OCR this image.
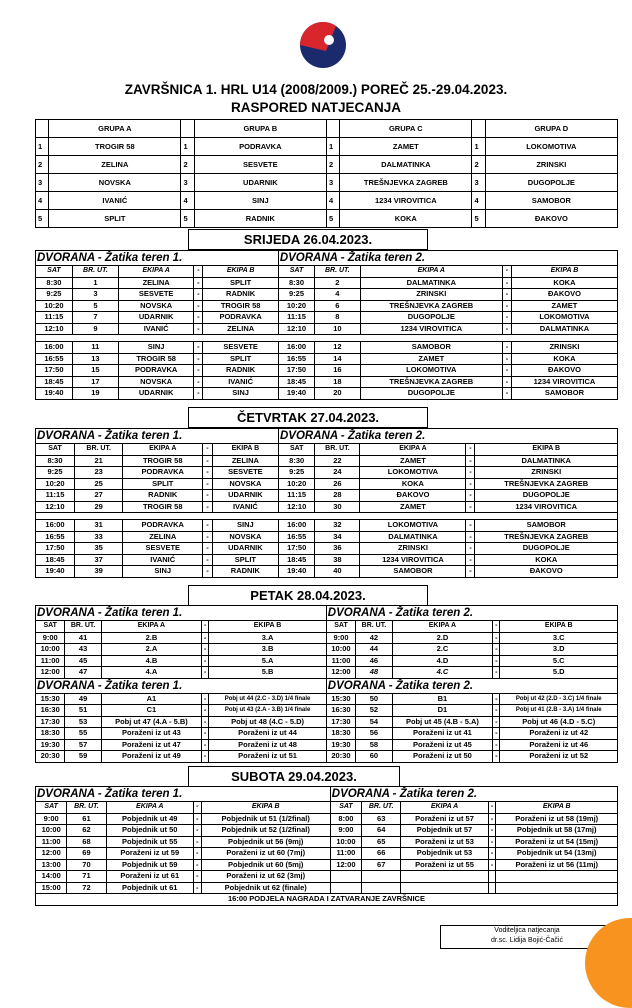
ZAVRŠNICA 1. HRL U14 (2008/2009.) POREČ 25.-29.04.2023.
RASPORED NATJECANJA
	GRUPA A		GRUPA B		GRUPA C		GRUPA D
1	TROGIR 58	1	PODRAVKA	1	ZAMET	1	LOKOMOTIVA
2	ZELINA	2	SESVETE	2	DALMATINKA	2	ZRINSKI
3	NOVSKA	3	UDARNIK	3	TREŠNJEVKA ZAGREB	3	DUGOPOLJE
4	IVANIĆ	4	SINJ	4	1234 VIROVITICA	4	SAMOBOR
5	SPLIT	5	RADNIK	5	KOKA	5	ĐAKOVO
SRIJEDA 26.04.2023.
DVORANA - Žatika teren 1.					DVORANA - Žatika teren 2.				
SAT	BR. UT.	EKIPA A	-	EKIPA B	SAT	BR. UT.	EKIPA A	-	EKIPA B
8:30	1	ZELINA	-	SPLIT	8:30	2	DALMATINKA	-	KOKA
9:25	3	SESVETE	-	RADNIK	9:25	4	ZRINSKI	-	ĐAKOVO
10:20	5	NOVSKA	-	TROGIR 58	10:20	6	TREŠNJEVKA ZAGREB	-	ZAMET
11:15	7	UDARNIK	-	PODRAVKA	11:15	8	DUGOPOLJE	-	LOKOMOTIVA
12:10	9	IVANIĆ	-	ZELINA	12:10	10	1234 VIROVITICA	-	DALMATINKA

16:00	11	SINJ	-	SESVETE	16:00	12	SAMOBOR	-	ZRINSKI
16:55	13	TROGIR 58	-	SPLIT	16:55	14	ZAMET	-	KOKA
17:50	15	PODRAVKA	-	RADNIK	17:50	16	LOKOMOTIVA	-	ĐAKOVO
18:45	17	NOVSKA	-	IVANIĆ	18:45	18	TREŠNJEVKA ZAGREB	-	1234 VIROVITICA
19:40	19	UDARNIK	-	SINJ	19:40	20	DUGOPOLJE	-	SAMOBOR
ČETVRTAK 27.04.2023.
DVORANA - Žatika teren 1.					DVORANA - Žatika teren 2.				
SAT	BR. UT.	EKIPA A	-	EKIPA B	SAT	BR. UT.	EKIPA A	-	EKIPA B
8:30	21	TROGIR 58	-	ZELINA	8:30	22	ZAMET	-	DALMATINKA
9:25	23	PODRAVKA	-	SESVETE	9:25	24	LOKOMOTIVA	-	ZRINSKI
10:20	25	SPLIT	-	NOVSKA	10:20	26	KOKA	-	TREŠNJEVKA ZAGREB
11:15	27	RADNIK	-	UDARNIK	11:15	28	ĐAKOVO	-	DUGOPOLJE
12:10	29	TROGIR 58	-	IVANIĆ	12:10	30	ZAMET	-	1234 VIROVITICA

16:00	31	PODRAVKA	-	SINJ	16:00	32	LOKOMOTIVA	-	SAMOBOR
16:55	33	ZELINA	-	NOVSKA	16:55	34	DALMATINKA	-	TREŠNJEVKA ZAGREB
17:50	35	SESVETE	-	UDARNIK	17:50	36	ZRINSKI	-	DUGOPOLJE
18:45	37	IVANIĆ	-	SPLIT	18:45	38	1234 VIROVITICA	-	KOKA
19:40	39	SINJ	-	RADNIK	19:40	40	SAMOBOR	-	ĐAKOVO
PETAK 28.04.2023.
DVORANA - Žatika teren 1.					DVORANA - Žatika teren 2.				
SAT	BR. UT.	EKIPA A	-	EKIPA B	SAT	BR. UT.	EKIPA A	-	EKIPA B
9:00	41	2.B	-	3.A	9:00	42	2.D	-	3.C
10:00	43	2.A	-	3.B	10:00	44	2.C	-	3.D
11:00	45	4.B	-	5.A	11:00	46	4.D	-	5.C
12:00	47	4.A	-	5.B	12:00	48	4.C	-	5.D
DVORANA - Žatika teren 1.					DVORANA - Žatika teren 2.				
15:30	49	A1	-	Pobj ut 44 (2.C - 3.D) 1/4 finale	15:30	50	B1	-	Pobj ut 42 (2.D - 3.C) 1/4 finale
16:30	51	C1	-	Pobj ut 43 (2.A - 3.B) 1/4 finale	16:30	52	D1	-	Pobj ut 41 (2.B - 3.A) 1/4 finale
17:30	53	Pobj ut 47 (4.A - 5.B)	-	Pobj ut 48 (4.C - 5.D)	17:30	54	Pobj ut 45 (4.B - 5.A)	-	Pobj ut 46 (4.D - 5.C)
18:30	55	Poraženi iz ut 43	-	Poraženi iz ut 44	18:30	56	Poraženi iz ut 41	-	Poraženi iz ut 42
19:30	57	Poraženi iz ut 47	-	Poraženi iz ut 48	19:30	58	Poraženi iz ut 45	-	Poraženi iz ut 46
20:30	59	Poraženi iz ut 49	-	Poraženi iz ut 51	20:30	60	Poraženi iz ut 50	-	Poraženi iz ut 52
SUBOTA 29.04.2023.
DVORANA - Žatika teren 1.					DVORANA - Žatika teren 2.				
SAT	BR. UT.	EKIPA A	-	EKIPA B	SAT	BR. UT.	EKIPA A	-	EKIPA B
9:00	61	Pobjednik ut 49	-	Pobjednik ut 51 (1/2final)	8:00	63	Poraženi iz ut 57	-	Poraženi iz ut 58 (19mj)
10:00	62	Pobjednik ut 50	-	Pobjednik ut 52 (1/2final)	9:00	64	Pobjednik ut 57	-	Pobjednik ut 58 (17mj)
11:00	68	Pobjednik ut 55	-	Pobjednik ut 56 (9mj)	10:00	65	Poraženi iz ut 53	-	Poraženi iz ut 54 (15mj)
12:00	69	Poraženi iz ut 59	-	Poraženi iz ut 60 (7mj)	11:00	66	Pobjednik ut 53	-	Pobjednik ut 54 (13mj)
13:00	70	Pobjednik ut 59	-	Pobjednik ut 60 (5mj)	12:00	67	Poraženi iz ut 55	-	Poraženi iz ut 56 (11mj)
14:00	71	Poraženi iz ut 61	-	Poraženi iz ut 62 (3mj)					
15:00	72	Pobjednik ut 61	-	Pobjednik ut 62 (finale)					
16:00 PODJELA NAGRADA I ZATVARANJE ZAVRŠNICE									
Voditeljica natjecanja
dr.sc. Lidija Bojić-Čačić
